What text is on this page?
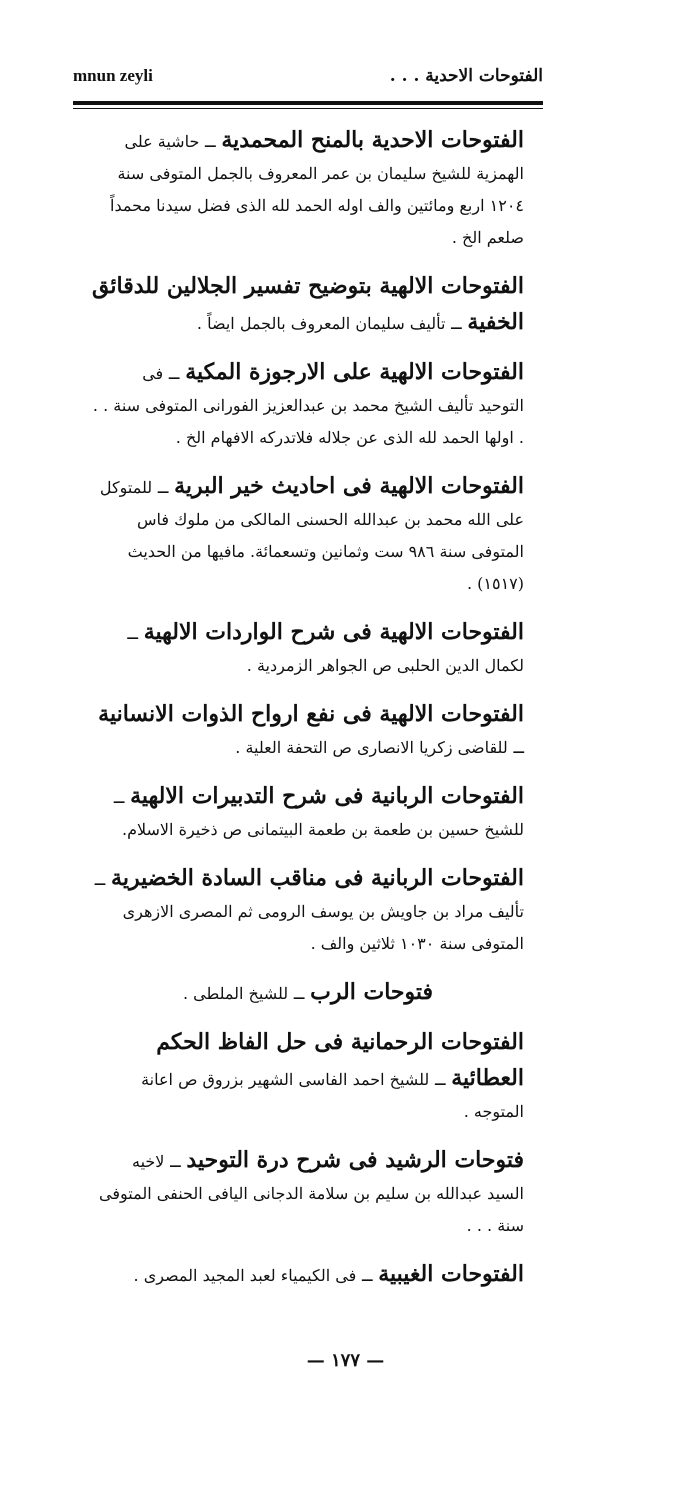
mnun zeyli	الفتوحات الاحدية . . .
الفتوحات الاحدية بالمنح المحمدية ــ حاشية على الهمزية للشيخ سليمان بن عمر المعروف بالجمل المتوفى سنة ١٢٠٤ اربع ومائتين والف اوله الحمد لله الذى فضل سيدنا محمداً صلعم الخ .
الفتوحات الالهية بتوضيح تفسير الجلالين للدقائق الخفية ــ تأليف سليمان المعروف بالجمل ايضاً .
الفتوحات الالهية على الارجوزة المكية ــ فى التوحيد تأليف الشيخ محمد بن عبدالعزيز الفورانى المتوفى سنة . . . اولها الحمد لله الذى عن جلاله فلاتدركه الافهام الخ .
الفتوحات الالهية فى احاديث خير البرية ــ للمتوكل على الله محمد بن عبدالله الحسنى المالكى من ملوك فاس المتوفى سنة ٩٨٦ ست وثمانين وتسعمائة. مافيها من الحديث (١٥١٧) .
الفتوحات الالهية فى شرح الواردات الالهية ــ لكمال الدين الحلبى ص الجواهر الزمردية .
الفتوحات الالهية فى نفع ارواح الذوات الانسانية ــ للقاضى زكريا الانصارى ص التحفة العلية .
الفتوحات الربانية فى شرح التدبيرات الالهية ــ للشيخ حسين بن طعمة بن طعمة البيتمانى ص ذخيرة الاسلام.
الفتوحات الربانية فى مناقب السادة الخضيرية ــ تأليف مراد بن جاويش بن يوسف الرومى ثم المصرى الازهرى المتوفى سنة ١٠٣٠ ثلاثين والف .
فتوحات الرب ــ للشيخ الملطى .
الفتوحات الرحمانية فى حل الفاظ الحكم العطائية ــ للشيخ احمد الفاسى الشهير بزروق ص اعانة المتوجه .
فتوحات الرشيد فى شرح درة التوحيد ــ لاخيه السيد عبدالله بن سليم بن سلامة الدجانى اليافى الحنفى المتوفى سنة . . .
الفتوحات الغيبية ــ فى الكيمياء لعبد المجيد المصرى .
— ١٧٧ —
